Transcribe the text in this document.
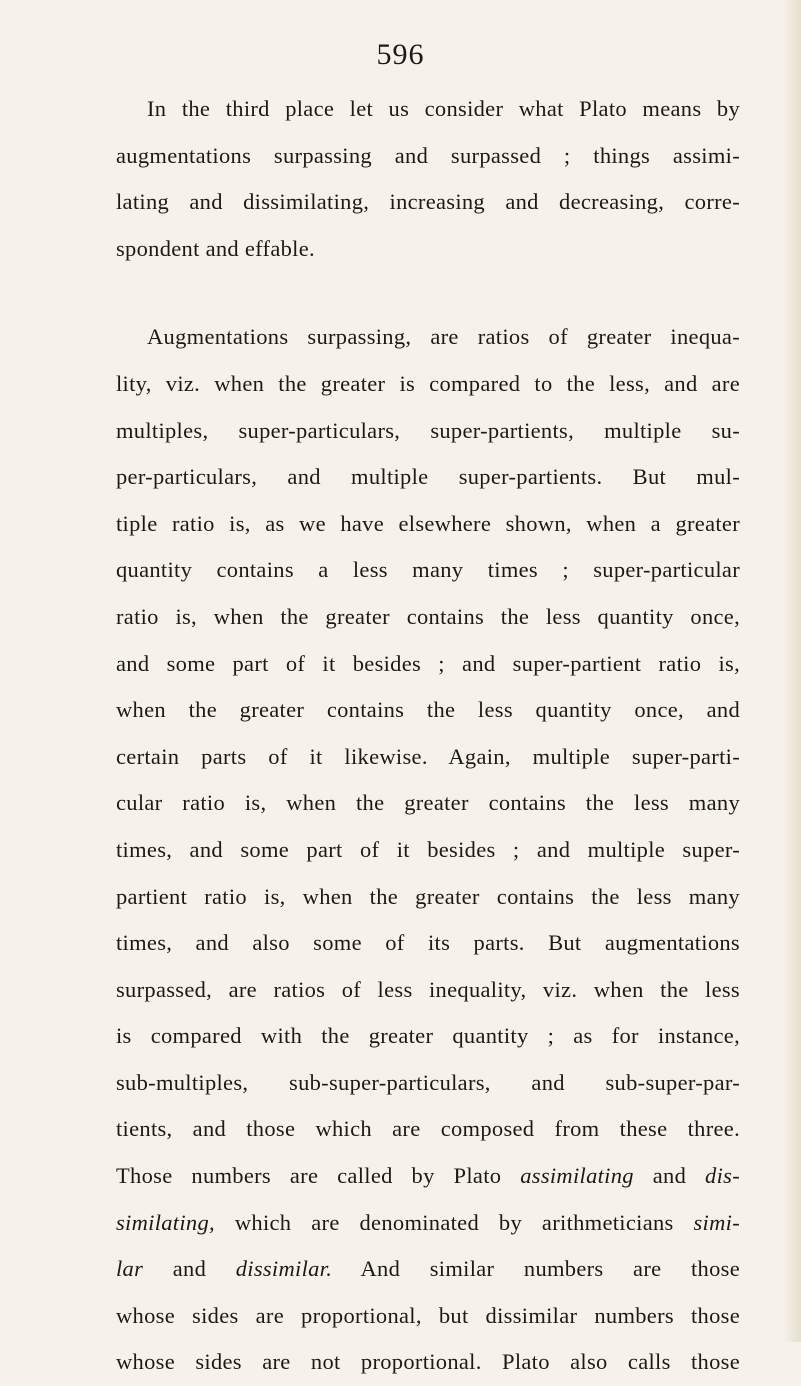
596
In the third place let us consider what Plato means by
augmentations surpassing and surpassed ; things assimi-
lating and dissimilating, increasing and decreasing, corre-
spondent and effable.
Augmentations surpassing, are ratios of greater inequa-
lity, viz. when the greater is compared to the less, and are
multiples, super-particulars, super-partients, multiple su-
per-particulars, and multiple super-partients. But mul-
tiple ratio is, as we have elsewhere shown, when a greater
quantity contains a less many times ; super-particular
ratio is, when the greater contains the less quantity once,
and some part of it besides ; and super-partient ratio is,
when the greater contains the less quantity once, and
certain parts of it likewise. Again, multiple super-parti-
cular ratio is, when the greater contains the less many
times, and some part of it besides ; and multiple super-
partient ratio is, when the greater contains the less many
times, and also some of its parts. But augmentations
surpassed, are ratios of less inequality, viz. when the less
is compared with the greater quantity ; as for instance,
sub-multiples, sub-super-particulars, and sub-super-par-
tients, and those which are composed from these three.
Those numbers are called by Plato assimilating and dis-
similating, which are denominated by arithmeticians simi-
lar and dissimilar. And similar numbers are those
whose sides are proportional, but dissimilar numbers those
whose sides are not proportional. Plato also calls those
